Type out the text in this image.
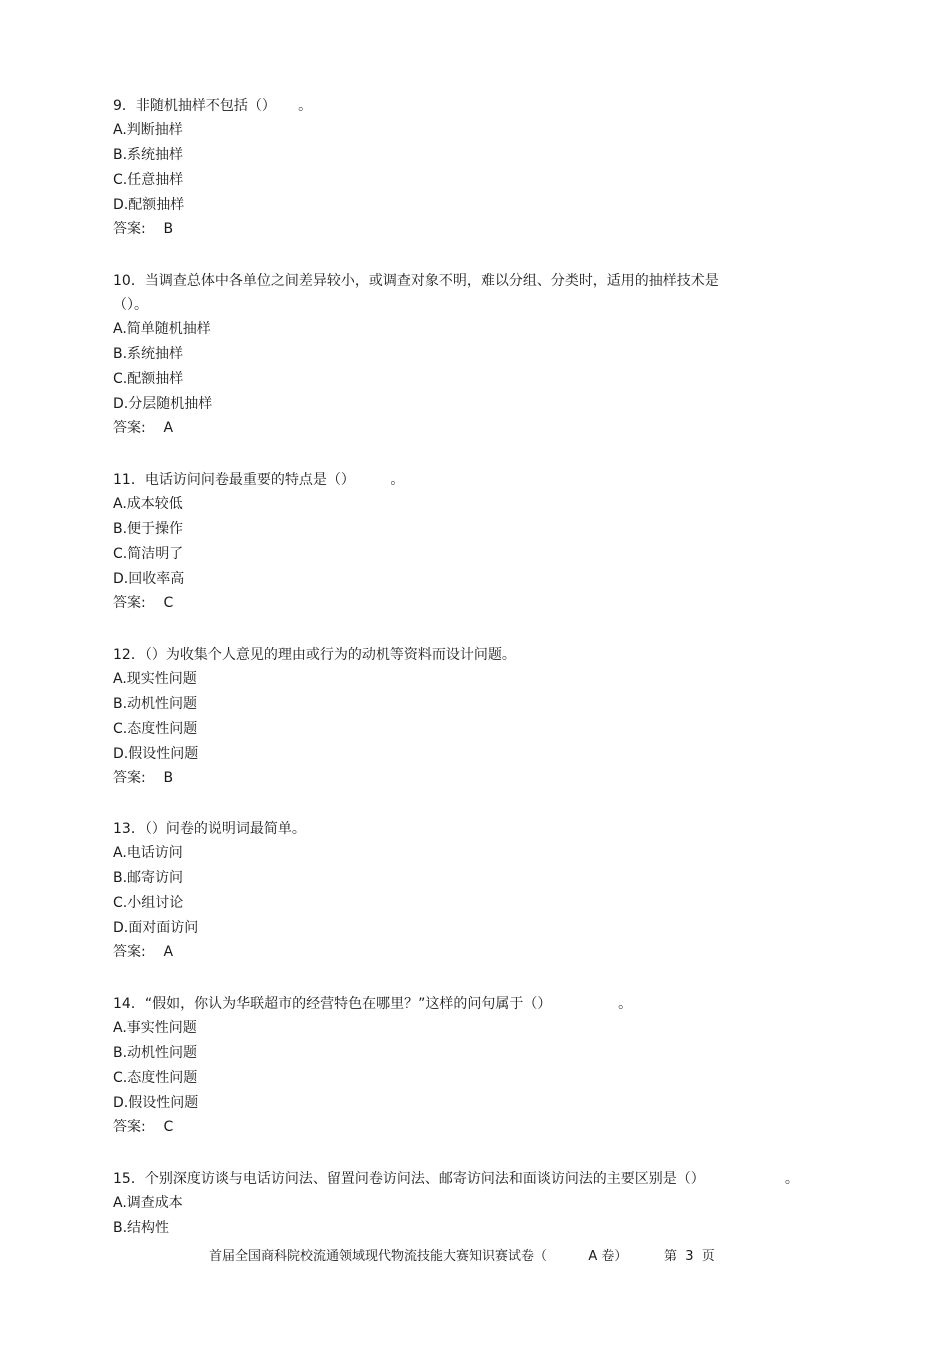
9．非随机抽样不包括（）     。
A.判断抽样
B.系统抽样
C.任意抽样
D.配额抽样
答案:    B
10．当调查总体中各单位之间差异较小，或调查对象不明，难以分组、分类时，适用的抽样技术是
（）。
A.简单随机抽样
B.系统抽样
C.配额抽样
D.分层随机抽样
答案:    A
11．电话访问问卷最重要的特点是（）        。
A.成本较低
B.便于操作
C.简洁明了
D.回收率高
答案:    C
12．（）为收集个人意见的理由或行为的动机等资料而设计问题。
A.现实性问题
B.动机性问题
C.态度性问题
D.假设性问题
答案:    B
13．（）问卷的说明词最简单。
A.电话访问
B.邮寄访问
C.小组讨论
D.面对面访问
答案:    A
14．“假如，你认为华联超市的经营特色在哪里？”这样的问句属于（）               。
A.事实性问题
B.动机性问题
C.态度性问题
D.假设性问题
答案:    C
15．个别深度访谈与电话访问法、留置问卷访问法、邮寄访问法和面谈访问法的主要区别是（）                  。
A.调查成本
B.结构性
首届全国商科院校流通领域现代物流技能大赛知识赛试卷（          A 卷）	第  3  页
